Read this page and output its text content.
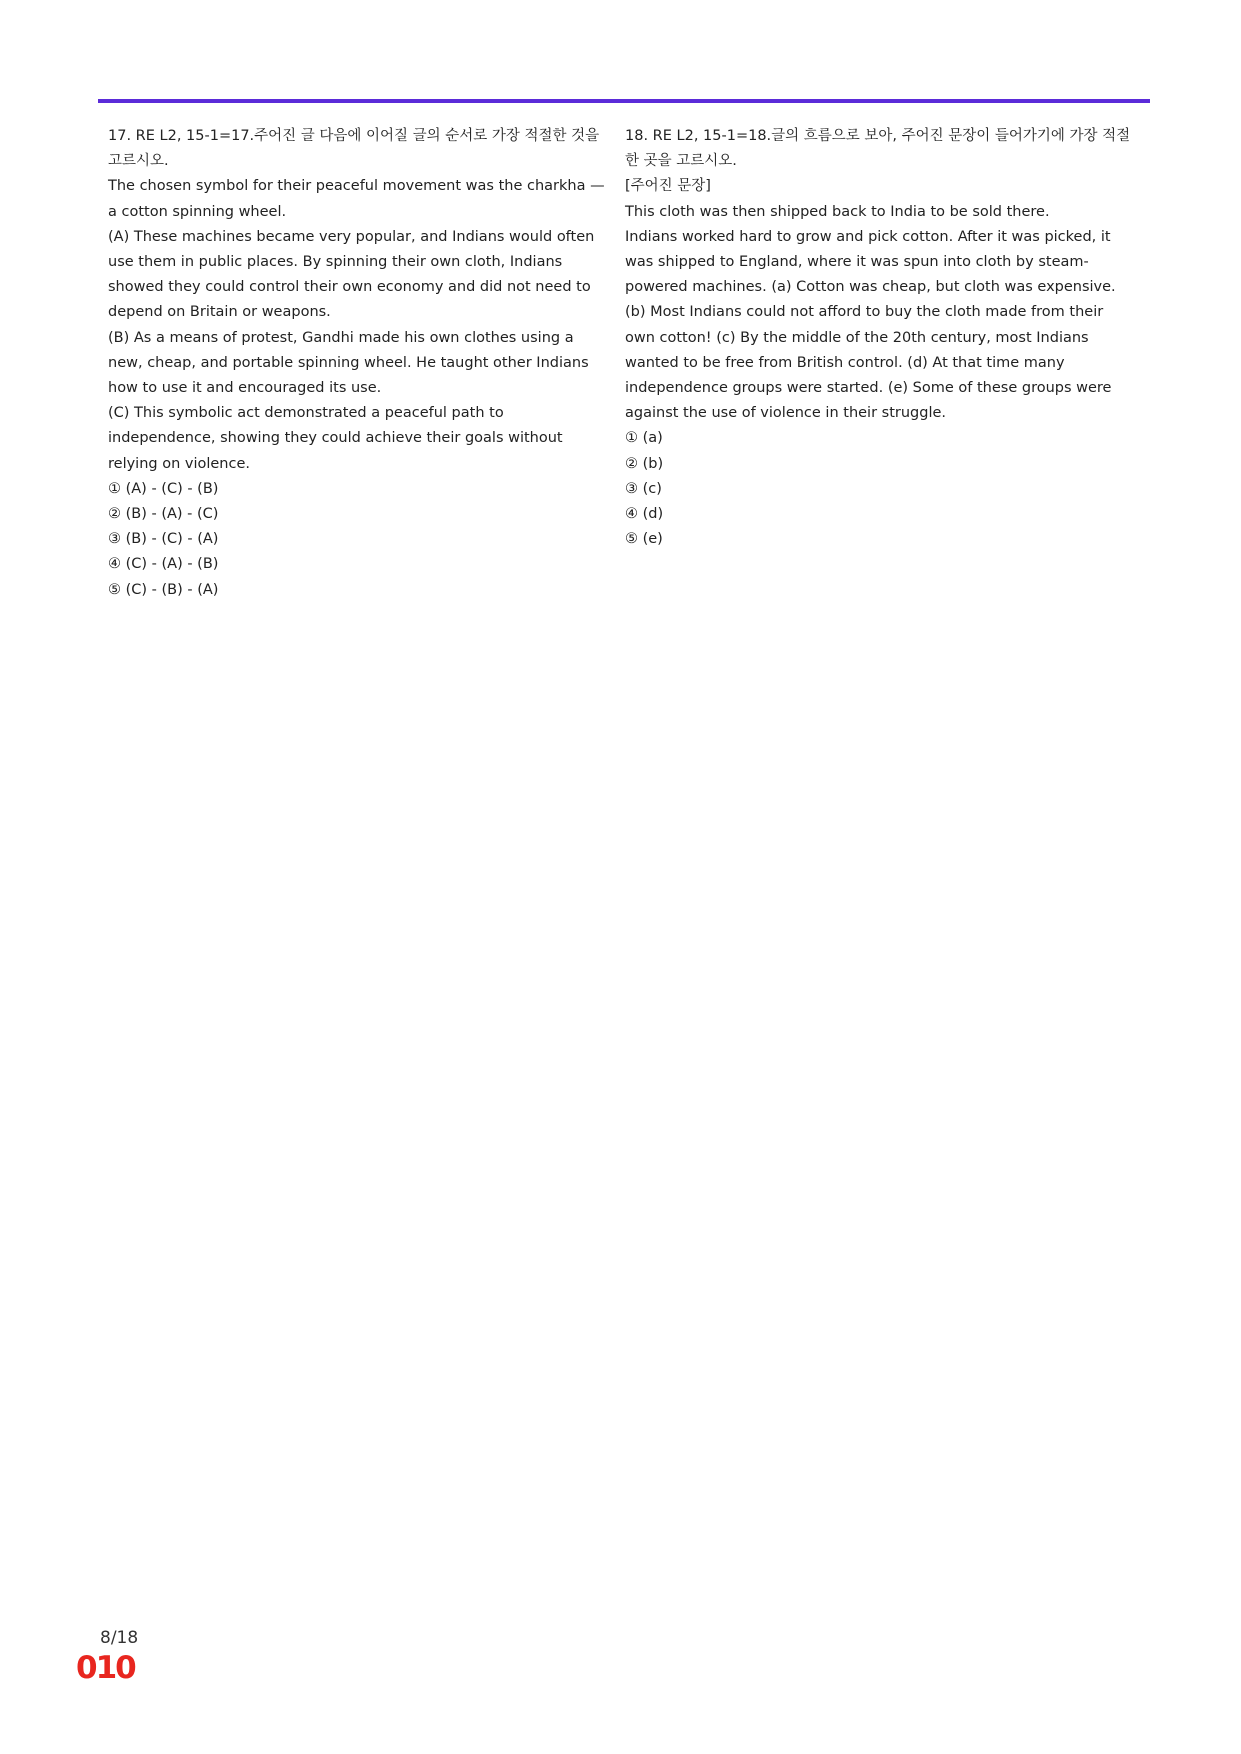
17. RE L2, 15-1=17.주어진 글 다음에 이어질 글의 순서로 가장 적절한 것을 고르시오.

The chosen symbol for their peaceful movement was the charkha — a cotton spinning wheel.

(A) These machines became very popular, and Indians would often use them in public places. By spinning their own cloth, Indians showed they could control their own economy and did not need to depend on Britain or weapons.

(B) As a means of protest, Gandhi made his own clothes using a new, cheap, and portable spinning wheel. He taught other Indians how to use it and encouraged its use.

(C) This symbolic act demonstrated a peaceful path to independence, showing they could achieve their goals without relying on violence.

① (A) - (C) - (B)
② (B) - (A) - (C)
③ (B) - (C) - (A)
④ (C) - (A) - (B)
⑤ (C) - (B) - (A)

18. RE L2, 15-1=18.글의 흐름으로 보아, 주어진 문장이 들어가기에 가장 적절한 곳을 고르시오.

[주어진 문장]

This cloth was then shipped back to India to be sold there.

Indians worked hard to grow and pick cotton. After it was picked, it was shipped to England, where it was spun into cloth by steam-powered machines. (a) Cotton was cheap, but cloth was expensive. (b) Most Indians could not afford to buy the cloth made from their own cotton! (c) By the middle of the 20th century, most Indians wanted to be free from British control. (d) At that time many independence groups were started. (e) Some of these groups were against the use of violence in their struggle.

① (a)
② (b)
③ (c)
④ (d)
⑤ (e)
8/18
010
